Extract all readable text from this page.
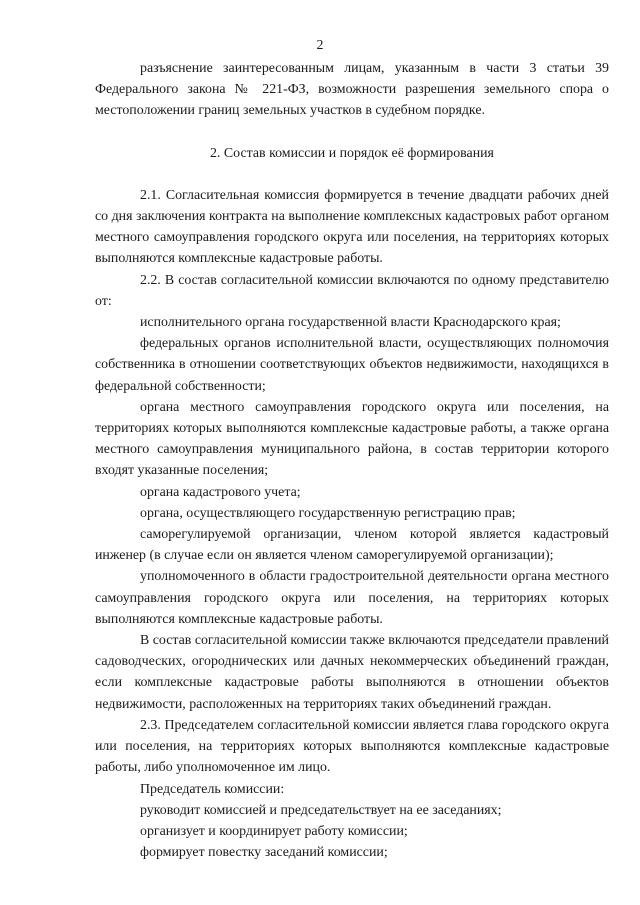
2

разъяснение заинтересованным лицам, указанным в части 3 статьи 39 Федерального закона № 221-ФЗ, возможности разрешения земельного спора о местоположении границ земельных участков в судебном порядке.

2. Состав комиссии и порядок её формирования

2.1. Согласительная комиссия формируется в течение двадцати рабочих дней со дня заключения контракта на выполнение комплексных кадастровых работ органом местного самоуправления городского округа или поселения, на территориях которых выполняются комплексные кадастровые работы.

2.2. В состав согласительной комиссии включаются по одному представителю от:

исполнительного органа государственной власти Краснодарского края;

федеральных органов исполнительной власти, осуществляющих полномочия собственника в отношении соответствующих объектов недвижимости, находящихся в федеральной собственности;

органа местного самоуправления городского округа или поселения, на территориях которых выполняются комплексные кадастровые работы, а также органа местного самоуправления муниципального района, в состав территории которого входят указанные поселения;

органа кадастрового учета;

органа, осуществляющего государственную регистрацию прав;

саморегулируемой организации, членом которой является кадастровый инженер (в случае если он является членом саморегулируемой организации);

уполномоченного в области градостроительной деятельности органа местного самоуправления городского округа или поселения, на территориях которых выполняются комплексные кадастровые работы.

В состав согласительной комиссии также включаются председатели правлений садоводческих, огороднических или дачных некоммерческих объединений граждан, если комплексные кадастровые работы выполняются в отношении объектов недвижимости, расположенных на территориях таких объединений граждан.

2.3. Председателем согласительной комиссии является глава городского округа или поселения, на территориях которых выполняются комплексные кадастровые работы, либо уполномоченное им лицо.

Председатель комиссии:

руководит комиссией и председательствует на ее заседаниях;

организует и координирует работу комиссии;

формирует повестку заседаний комиссии;
